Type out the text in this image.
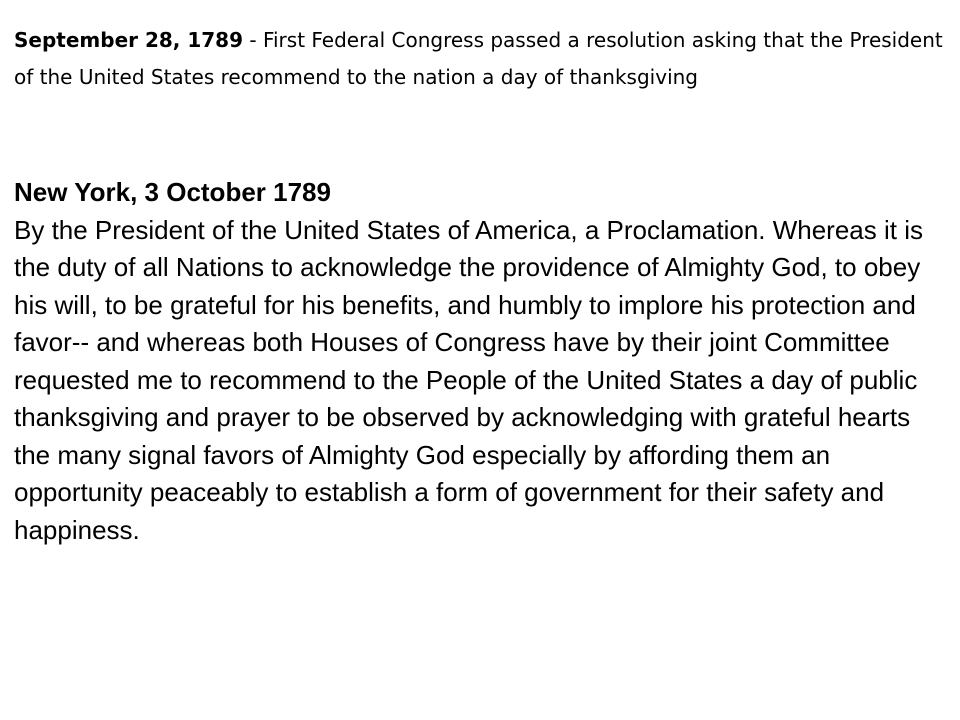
September 28, 1789 - First Federal Congress passed a resolution asking that the President of the United States recommend to the nation a day of thanksgiving

New York, 3 October 1789
By the President of the United States of America, a Proclamation. Whereas it is the duty of all Nations to acknowledge the providence of Almighty God, to obey his will, to be grateful for his benefits, and humbly to implore his protection and favor-- and whereas both Houses of Congress have by their joint Committee requested me to recommend to the People of the United States a day of public thanksgiving and prayer to be observed by acknowledging with grateful hearts the many signal favors of Almighty God especially by affording them an opportunity peaceably to establish a form of government for their safety and happiness.
